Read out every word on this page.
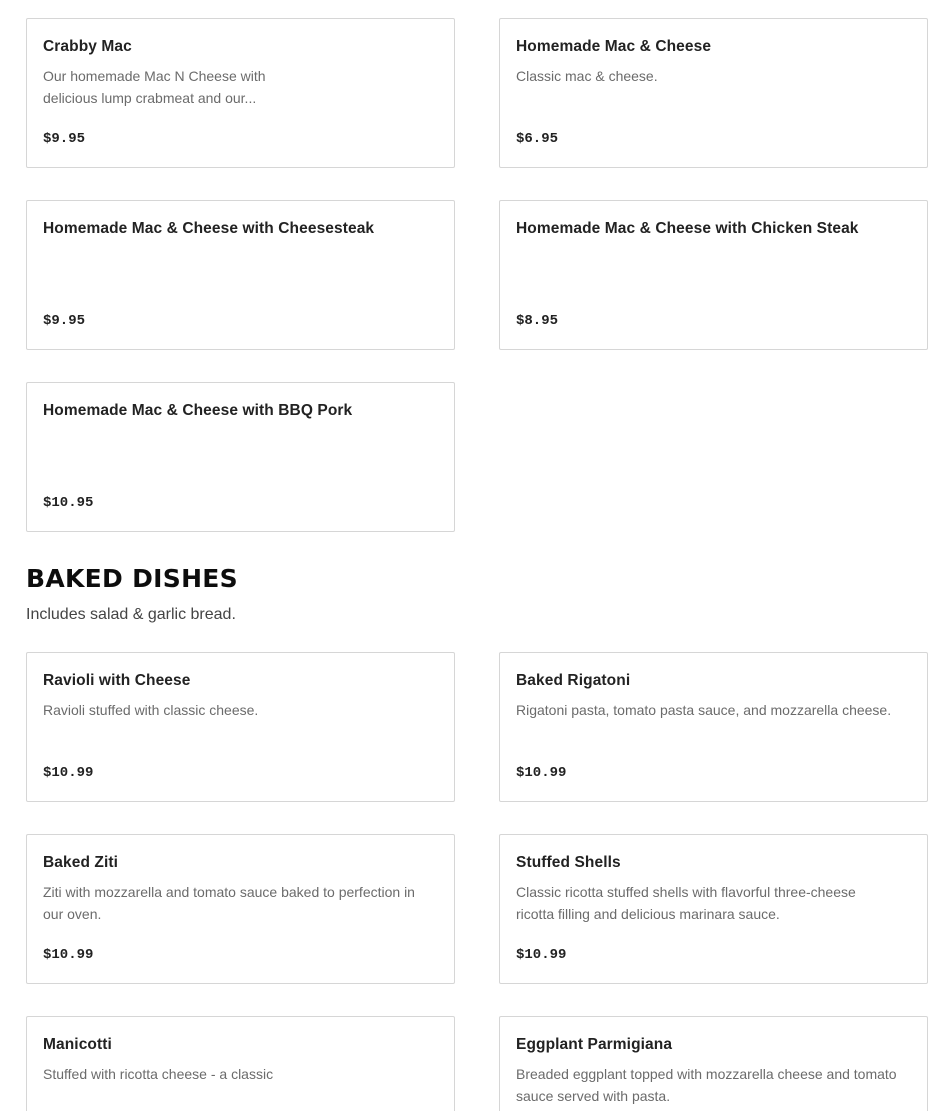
Crabby Mac
Our homemade Mac N Cheese with
delicious lump crabmeat and our...
$9.95
Homemade Mac & Cheese
Classic mac & cheese.
$6.95
Homemade Mac & Cheese with Cheesesteak
$9.95
Homemade Mac & Cheese with Chicken Steak
$8.95
Homemade Mac & Cheese with BBQ Pork
$10.95
BAKED DISHES
Includes salad & garlic bread.
Ravioli with Cheese
Ravioli stuffed with classic cheese.
$10.99
Baked Rigatoni
Rigatoni pasta, tomato pasta sauce, and mozzarella cheese.
$10.99
Baked Ziti
Ziti with mozzarella and tomato sauce baked to perfection in
our oven.
$10.99
Stuffed Shells
Classic ricotta stuffed shells with flavorful three-cheese
ricotta filling and delicious marinara sauce.
$10.99
Manicotti
Stuffed with ricotta cheese - a classic
Eggplant Parmigiana
Breaded eggplant topped with mozzarella cheese and tomato
sauce served with pasta.
